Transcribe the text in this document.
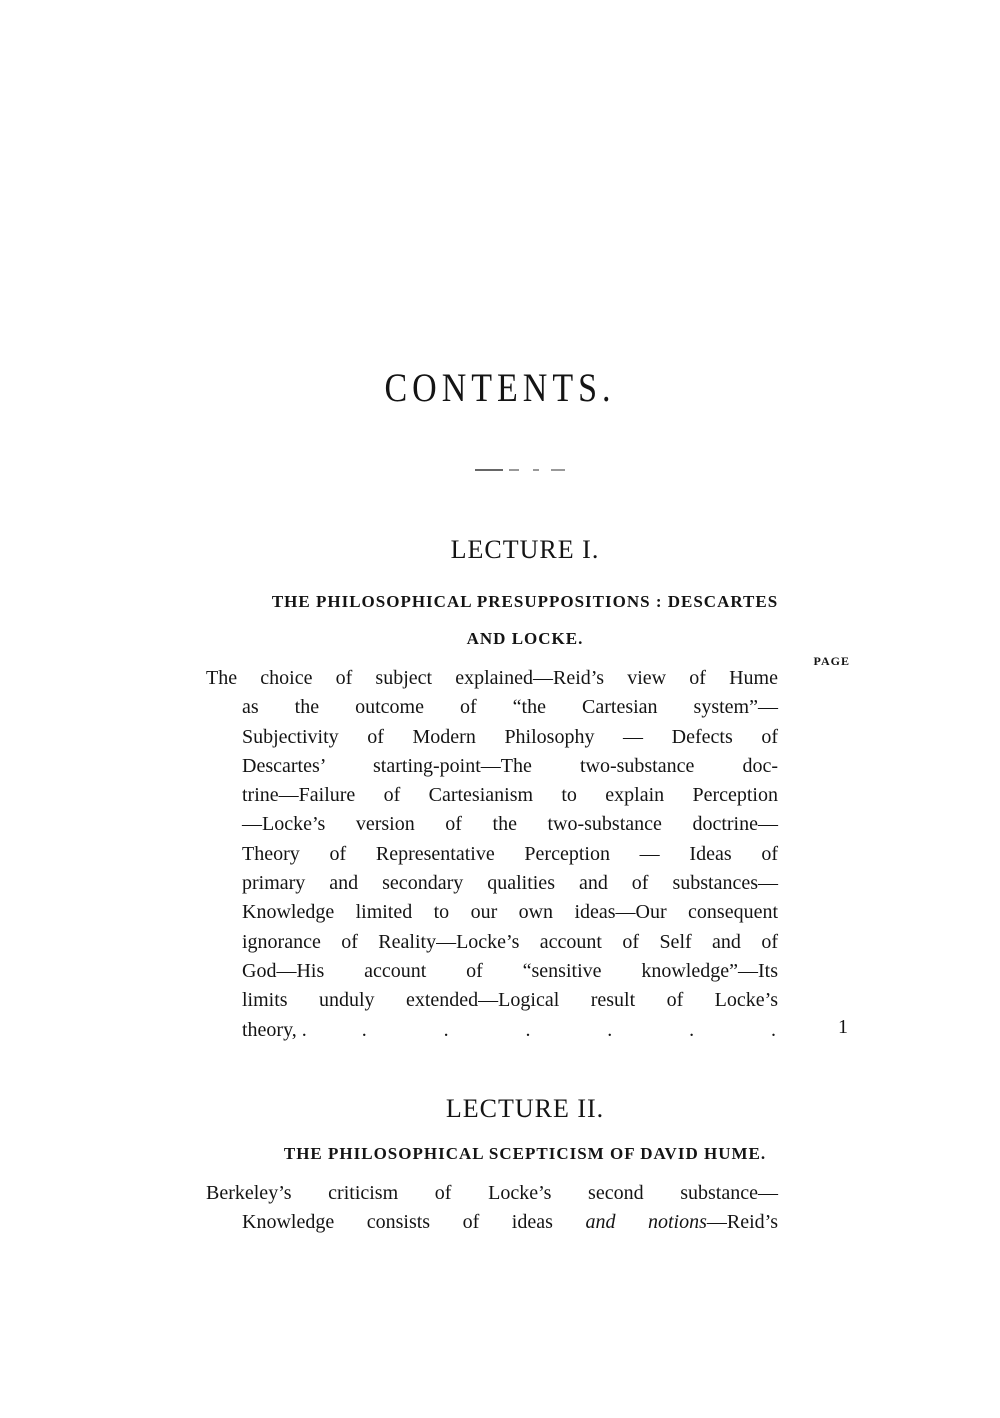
CONTENTS.
LECTURE I.
THE PHILOSOPHICAL PRESUPPOSITIONS : DESCARTES
AND LOCKE.
PAGE
The choice of subject explained—Reid’s view of Hume
as the outcome of “the Cartesian system”—
Subjectivity of Modern Philosophy — Defects of
Descartes’ starting-point—The two-substance doc-
trine—Failure of Cartesianism to explain Perception
—Locke’s version of the two-substance doctrine—
Theory of Representative Perception — Ideas of
primary and secondary qualities and of substances—
Knowledge limited to our own ideas—Our consequent
ignorance of Reality—Locke’s account of Self and of
God—His account of “sensitive knowledge”—Its
limits unduly extended—Logical result of Locke’s
theory, .	.	.	.	.	.	.	1
LECTURE II.
THE PHILOSOPHICAL SCEPTICISM OF DAVID HUME.
Berkeley’s criticism of Locke’s second substance—
Knowledge consists of ideas and notions—Reid’s
